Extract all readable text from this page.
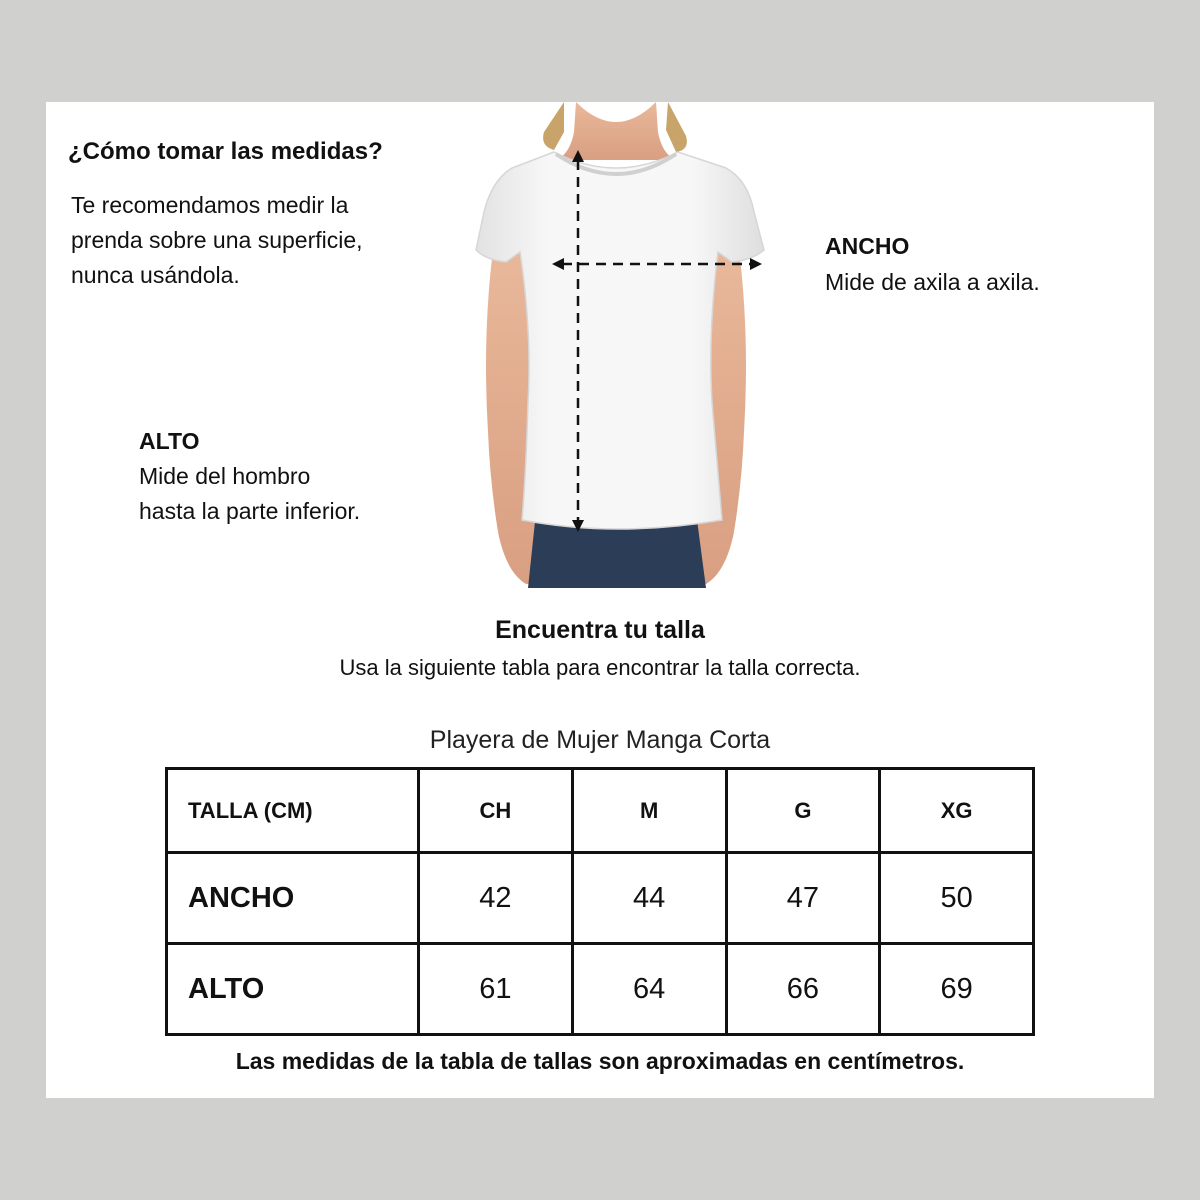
¿Cómo tomar las medidas?
Te recomendamos medir la
prenda sobre una superficie,
nunca usándola.
ALTO
Mide del hombro
hasta la parte inferior.
ANCHO
Mide de axila a axila.
Encuentra tu talla
Usa la siguiente tabla para encontrar la talla correcta.
Playera de Mujer Manga Corta
TALLA (CM)	CH	M	G	XG
ANCHO	42	44	47	50
ALTO	61	64	66	69
Las medidas de la tabla de tallas son aproximadas en centímetros.
